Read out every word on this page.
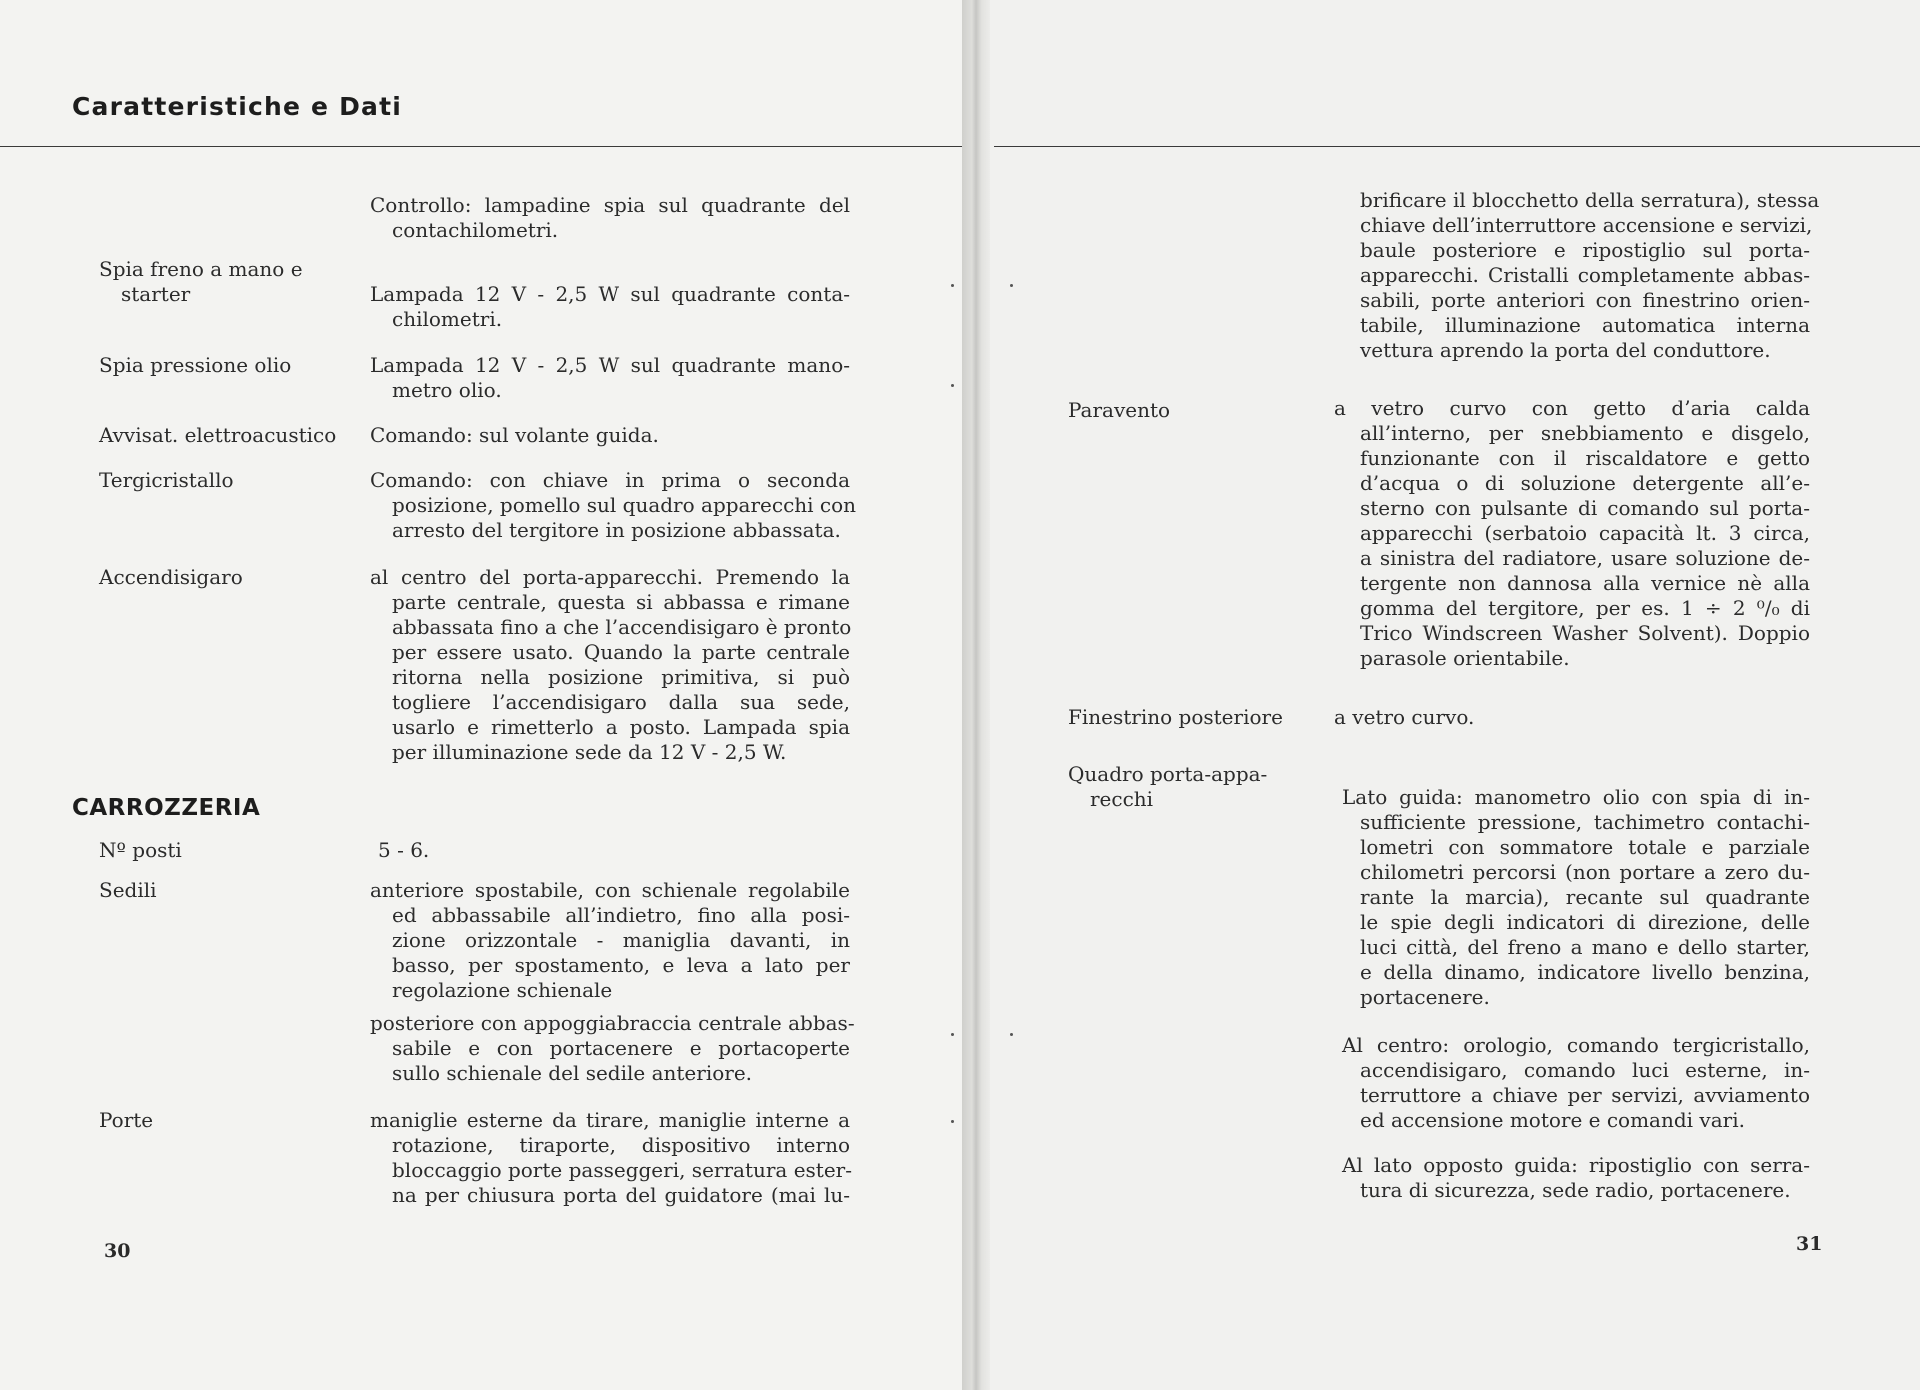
Caratteristiche e Dati
Controllo: lampadine spia sul quadrante del
contachilometri.
Spia freno a mano e
starter	Lampada 12 V - 2,5 W sul quadrante conta-
chilometri.
Spia pressione olio	Lampada 12 V - 2,5 W sul quadrante mano-
metro olio.
Avvisat. elettroacustico Comando: sul volante guida.
Tergicristallo	Comando: con chiave in prima o seconda
posizione, pomello sul quadro apparecchi con
arresto del tergitore in posizione abbassata.
Accendisigaro	al centro del porta-apparecchi. Premendo la
parte centrale, questa si abbassa e rimane
abbassata fino a che l’accendisigaro è pronto
per essere usato. Quando la parte centrale
ritorna nella posizione primitiva, si può
togliere l’accendisigaro dalla sua sede,
usarlo e rimetterlo a posto. Lampada spia
per illuminazione sede da 12 V - 2,5 W.
CARROZZERIA
Nº posti	5 - 6.
Sedili	anteriore spostabile, con schienale regolabile
ed abbassabile all’indietro, fino alla posi-
zione orizzontale - maniglia davanti, in
basso, per spostamento, e leva a lato per
regolazione schienale
posteriore con appoggiabraccia centrale abbas-
sabile e con portacenere e portacoperte
sullo schienale del sedile anteriore.
Porte	maniglie esterne da tirare, maniglie interne a
rotazione, tiraporte, dispositivo interno
bloccaggio porte passeggeri, serratura ester-
na per chiusura porta del guidatore (mai lu-
30
brificare il blocchetto della serratura), stessa
chiave dell’interruttore accensione e servizi,
baule posteriore e ripostiglio sul porta-
apparecchi. Cristalli completamente abbas-
sabili, porte anteriori con finestrino orien-
tabile, illuminazione automatica interna
vettura aprendo la porta del conduttore.
Paravento	a vetro curvo con getto d’aria calda
all’interno, per snebbiamento e disgelo,
funzionante con il riscaldatore e getto
d’acqua o di soluzione detergente all’e-
sterno con pulsante di comando sul porta-
apparecchi (serbatoio capacità lt. 3 circa,
a sinistra del radiatore, usare soluzione de-
tergente non dannosa alla vernice nè alla
gomma del tergitore, per es. 1 ÷ 2 ⁰/₀ di
Trico Windscreen Washer Solvent). Doppio
parasole orientabile.
Finestrino posteriore	a vetro curvo.
Quadro porta-appa-
recchi	Lato guida: manometro olio con spia di in-
sufficiente pressione, tachimetro contachi-
lometri con sommatore totale e parziale
chilometri percorsi (non portare a zero du-
rante la marcia), recante sul quadrante
le spie degli indicatori di direzione, delle
luci città, del freno a mano e dello starter,
e della dinamo, indicatore livello benzina,
portacenere.
Al centro: orologio, comando tergicristallo,
accendisigaro, comando luci esterne, in-
terruttore a chiave per servizi, avviamento
ed accensione motore e comandi vari.
Al lato opposto guida: ripostiglio con serra-
tura di sicurezza, sede radio, portacenere.
31
